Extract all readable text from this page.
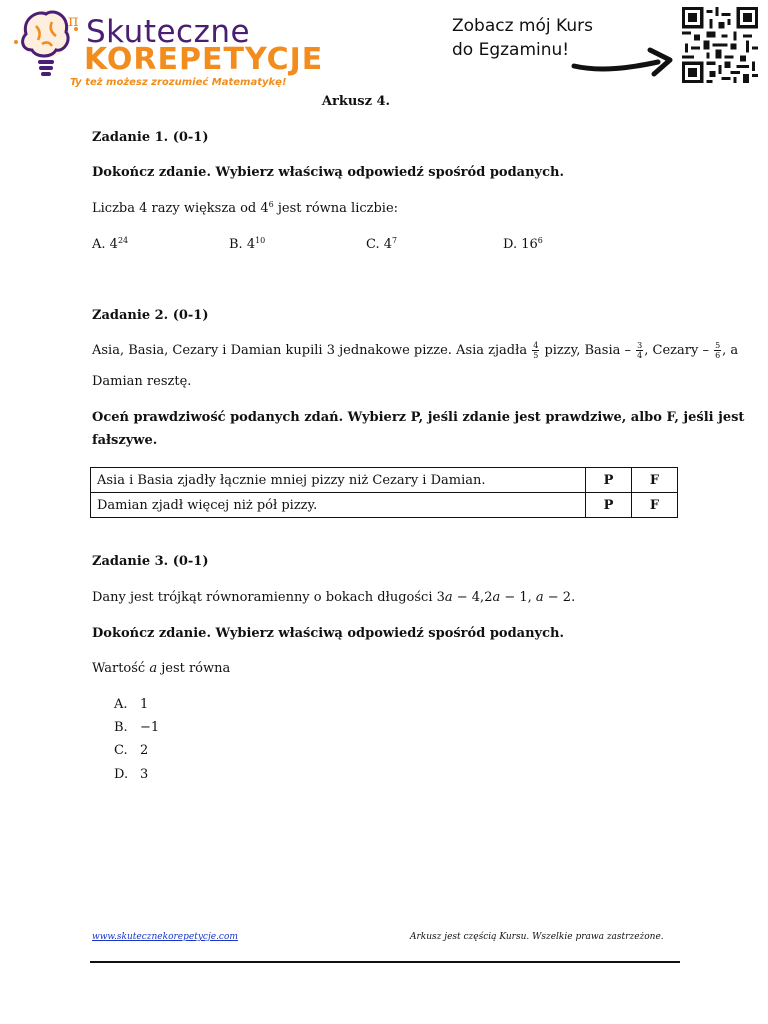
π Skuteczne
KOREPETYCJE
Ty też możesz zrozumieć Matematykę!
Zobacz mój Kurs
do Egzaminu!
Arkusz 4.
Zadanie 1. (0-1)
Dokończ zdanie. Wybierz właściwą odpowiedź spośród podanych.
Liczba 4 razy większa od $4^6$ jest równa liczbie:
A. $4^{24}$	B. $4^{10}$	C. $4^7$	D. $16^6$
Zadanie 2. (0-1)
Asia, Basia, Cezary i Damian kupili 3 jednakowe pizze. Asia zjadła $\frac{4}{5}$ pizzy, Basia – $\frac{3}{4}$ , Cezary – $\frac{5}{6}$ , a
Damian resztę.
Oceń prawdziwość podanych zdań. Wybierz P, jeśli zdanie jest prawdziwe, albo F, jeśli jest
fałszywe.
Asia i Basia zjadły łącznie mniej pizzy niż Cezary i Damian.	P	F
Damian zjadł więcej niż pół pizzy.	P	F
Zadanie 3. (0-1)
Dany jest trójkąt równoramienny o bokach długości 3𝑎 − 4,2𝑎 − 1, 𝑎 − 2.
Dokończ zdanie. Wybierz właściwą odpowiedź spośród podanych.
Wartość 𝑎 jest równa
A. 1
B. −1
C. 2
D. 3
www.skutecznekorepetycje.com	Arkusz jest częścią Kursu. Wszelkie prawa zastrzeżone.
